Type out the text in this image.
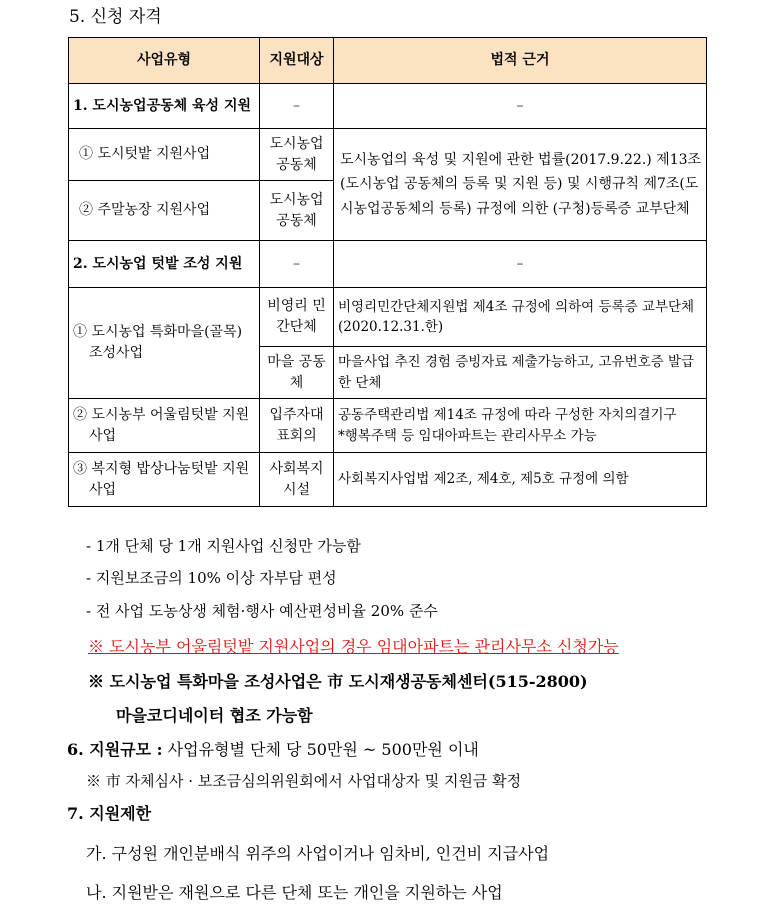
5. 신청 자격
사업유형	지원대상	법적 근거
1. 도시농업공동체 육성 지원	–	–
① 도시텃밭 지원사업	도시농업 공동체	도시농업의 육성 및 지원에 관한 법률(2017.9.22.) 제13조(도시농업 공동체의 등록 및 지원 등) 및 시행규칙 제7조(도시농업공동체의 등록) 규정에 의한 (구청)등록증 교부단체
② 주말농장 지원사업	도시농업 공동체	
2. 도시농업 텃밭 조성 지원	–	–
① 도시농업 특화마을(골목) 조성사업	비영리 민간단체	비영리민간단체지원법 제4조 규정에 의하여 등록증 교부단체(2020.12.31.한)
	마을 공동체	마을사업 추진 경험 증빙자료 제출가능하고, 고유번호증 발급한 단체
② 도시농부 어울림텃밭 지원사업	입주자대표회의	공동주택관리법 제14조 규정에 따라 구성한 자치의결기구
*행복주택 등 임대아파트는 관리사무소 가능

③ 복지형 밥상나눔텃밭 지원사업	사회복지 시설	사회복지사업법 제2조, 제4호, 제5호 규정에 의함
- 1개 단체 당 1개 지원사업 신청만 가능함
- 지원보조금의 10% 이상 자부담 편성
- 전 사업 도농상생 체험·행사 예산편성비율 20% 준수
※ 도시농부 어울림텃밭 지원사업의 경우 임대아파트는 관리사무소 신청가능
※ 도시농업 특화마을 조성사업은 市 도시재생공동체센터(515-2800)
마을코디네이터 협조 가능함
6. 지원규모 : 사업유형별 단체 당 50만원 ~ 500만원 이내
※ 市 자체심사 · 보조금심의위원회에서 사업대상자 및 지원금 확정
7. 지원제한
가. 구성원 개인분배식 위주의 사업이거나 임차비, 인건비 지급사업
나. 지원받은 재원으로 다른 단체 또는 개인을 지원하는 사업
